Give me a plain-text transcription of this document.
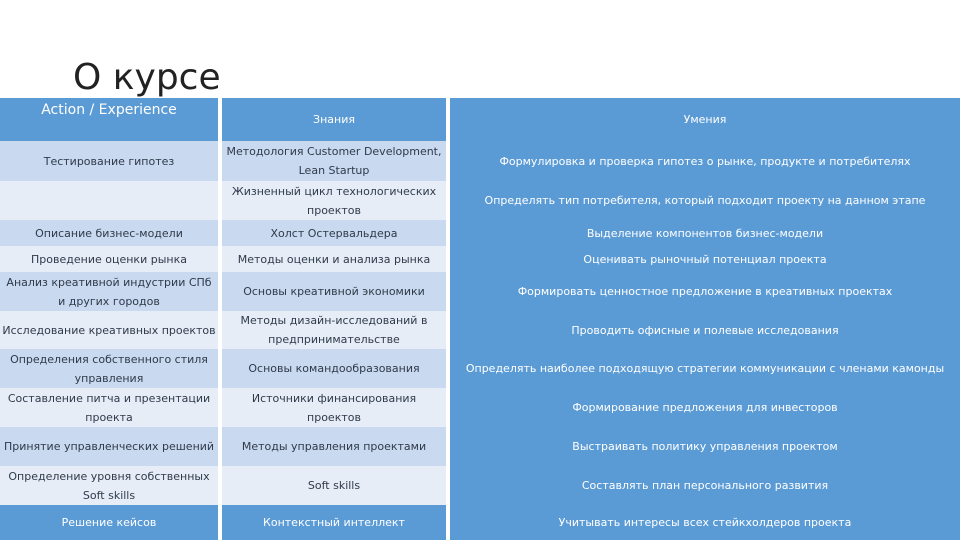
О курсе
Action / Experience	Знания	Умения
Тестирование гипотез	Методология Customer Development, Lean Startup	Формулировка и проверка гипотез о рынке, продукте и потребителях
	Жизненный цикл технологических проектов	Определять тип потребителя, который подходит проекту на данном этапе
Описание бизнес-модели	Холст Остервальдера	Выделение компонентов бизнес-модели
Проведение оценки рынка	Методы оценки и анализа рынка	Оценивать рыночный потенциал проекта
Анализ креативной индустрии СПб и других городов	Основы креативной экономики	Формировать ценностное предложение в креативных проектах
Исследование креативных проектов	Методы дизайн-исследований в предпринимательстве	Проводить офисные и полевые исследования
Определения собственного стиля управления	Основы командообразования	Определять наиболее подходящую стратегии коммуникации с членами камонды
Составление питча и презентации проекта	Источники финансирования проектов	Формирование предложения для инвесторов
Принятие управленческих решений	Методы управления проектами	Выстраивать политику управления проектом
Определение уровня собственных Soft skills	Soft skills	Составлять план персонального развития
Решение кейсов	Контекстный интеллект	Учитывать интересы всех стейкхолдеров проекта
